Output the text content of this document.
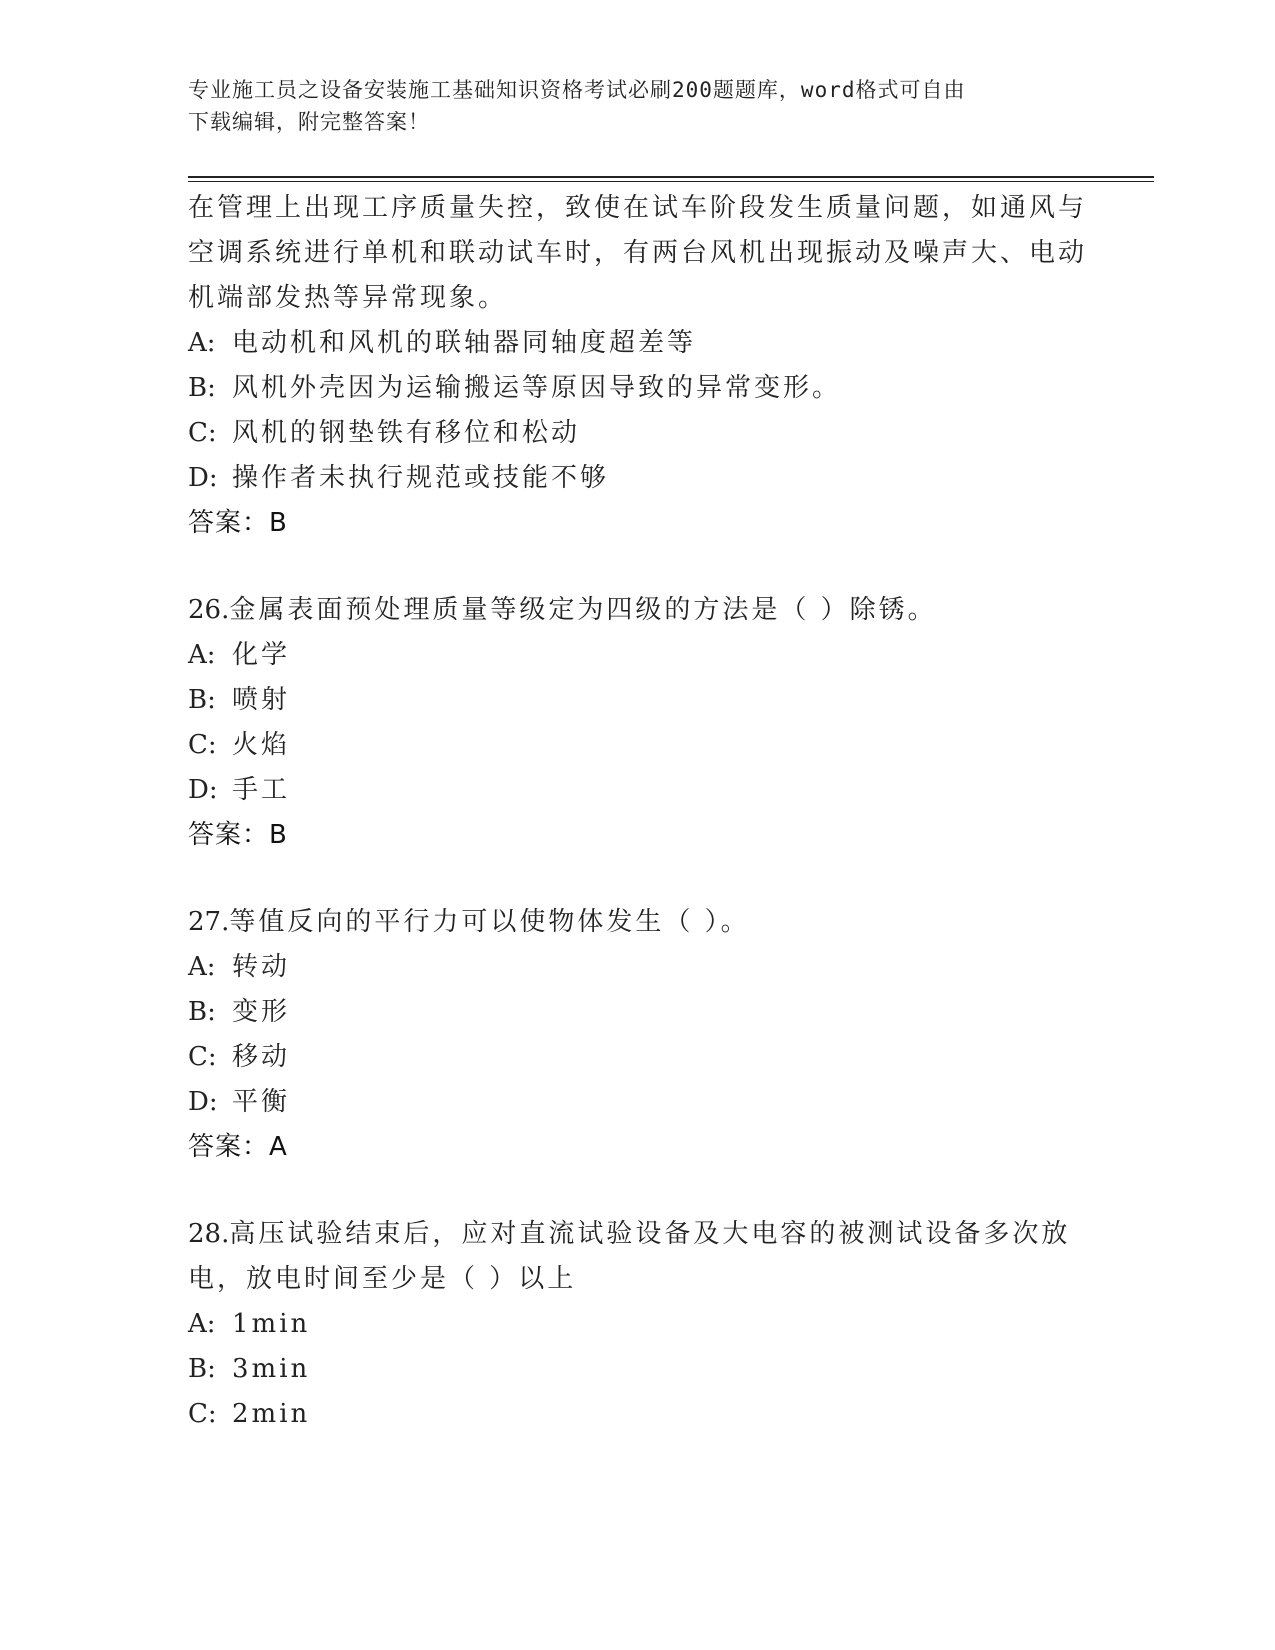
专业施工员之设备安装施工基础知识资格考试必刷200题题库，word格式可自由
下载编辑，附完整答案！
在管理上出现工序质量失控，致使在试车阶段发生质量问题，如通风与空调系统进行单机和联动试车时，有两台风机出现振动及噪声大、电动机端部发热等异常现象。
A: 电动机和风机的联轴器同轴度超差等
B: 风机外壳因为运输搬运等原因导致的异常变形。
C: 风机的钢垫铁有移位和松动
D: 操作者未执行规范或技能不够
答案：B
26.金属表面预处理质量等级定为四级的方法是（ ）除锈。
A: 化学
B: 喷射
C: 火焰
D: 手工
答案：B
27.等值反向的平行力可以使物体发生（ ）。
A: 转动
B: 变形
C: 移动
D: 平衡
答案：A
28.高压试验结束后，应对直流试验设备及大电容的被测试设备多次放电，放电时间至少是（ ）以上
A: 1min
B: 3min
C: 2min
